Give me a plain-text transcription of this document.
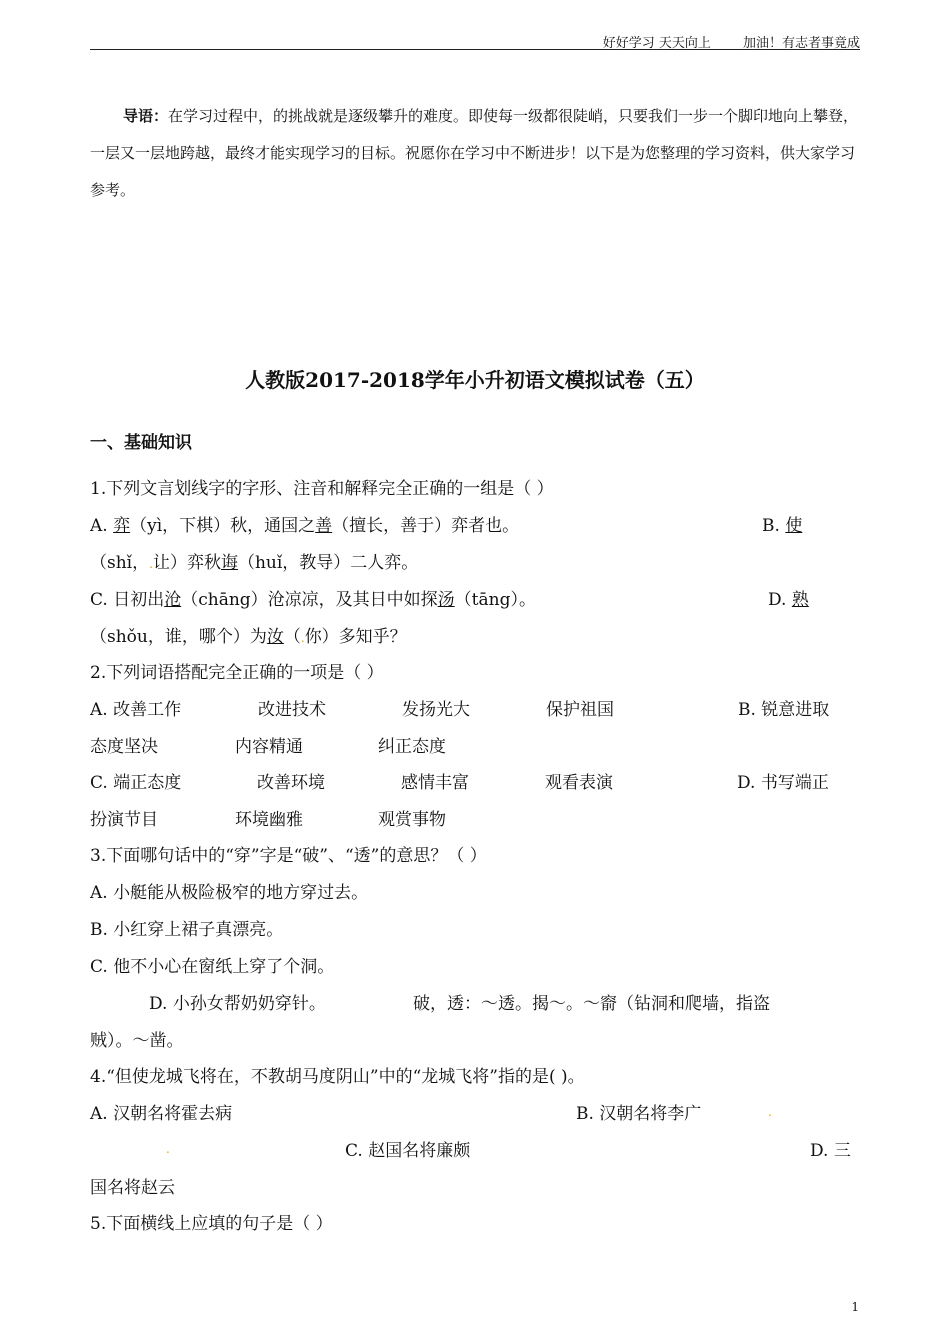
好好学习 天天向上 加油！有志者事竟成
导语：在学习过程中，的挑战就是逐级攀升的难度。即使每一级都很陡峭，只要我们一步一个脚印地向上攀登，一层又一层地跨越，最终才能实现学习的目标。祝愿你在学习中不断进步！以下是为您整理的学习资料，供大家学习参考。
人教版2017-2018学年小升初语文模拟试卷（五）
一、基础知识
1.下列文言划线字的字形、注音和解释完全正确的一组是（ ）
A. 弈（yì，下棋）秋，通国之善（擅长，善于）弈者也。	B. 使
（shǐ，.让）弈秋诲（huǐ，教导）二人弈。
C. 日初出沧（chāng）沧凉凉，及其日中如探汤（tāng）。	D. 熟
（shǒu，谁，哪个）为汝（.你）多知乎？
2.下列词语搭配完全正确的一项是（ ）
A. 改善工作	改进技术	发扬光大	保护祖国	B. 锐意进取
态度坚决	内容精通	纠正态度
C. 端正态度	改善环境	感情丰富	观看表演	D. 书写端正
扮演节目	环境幽雅	观赏事物
3.下面哪句话中的“穿”字是“破”、“透”的意思？（ ）
A. 小艇能从极险极窄的地方穿过去。
B. 小红穿上裙子真漂亮。
C. 他不小心在窗纸上穿了个洞。
D. 小孙女帮奶奶穿针。	破，透：～透。揭～。～窬（钻洞和爬墙，指盗
贼）。～凿。
4.“但使龙城飞将在，不教胡马度阴山”中的“龙城飞将”指的是( )。
A. 汉朝名将霍去病	B. 汉朝名将李广	.
.	C. 赵国名将廉颇	D. 三
国名将赵云
5.下面横线上应填的句子是（ ）
1
